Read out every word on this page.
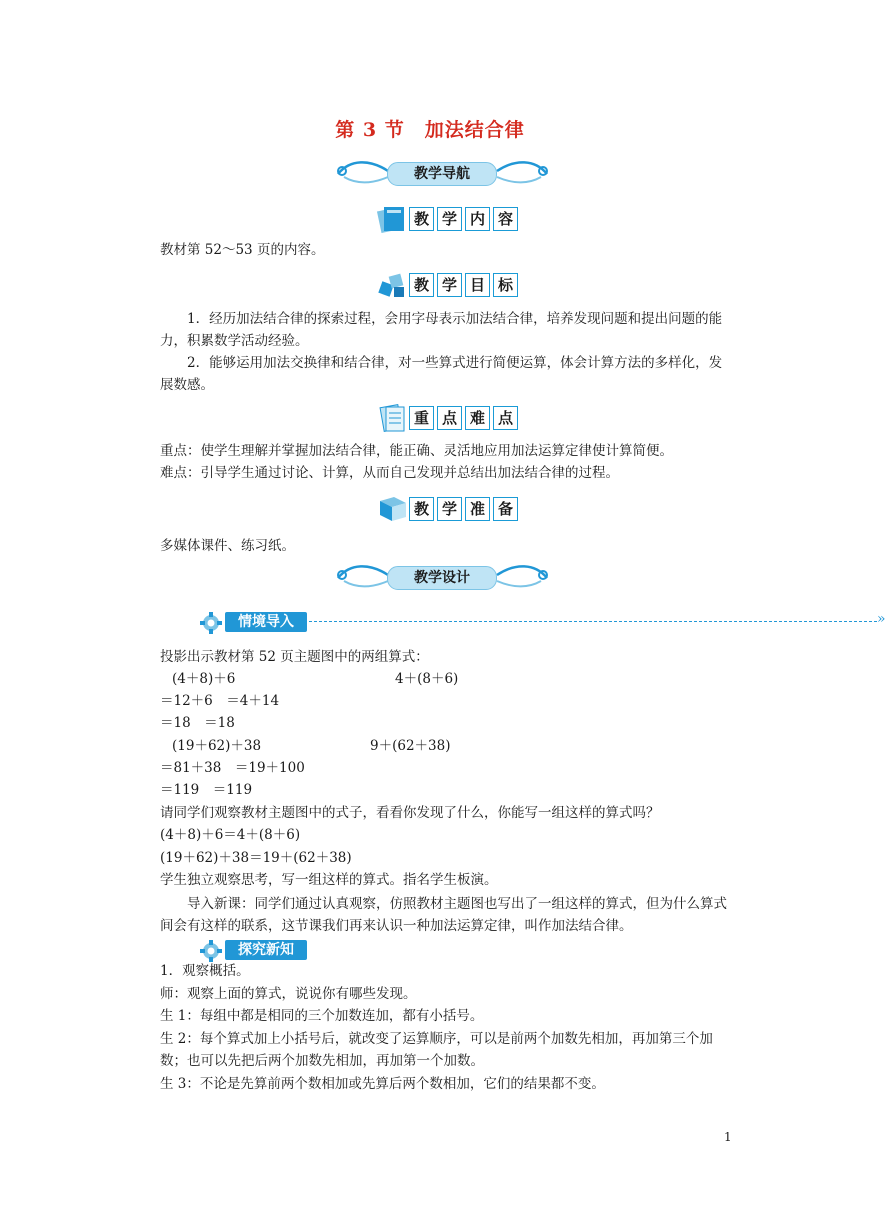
第 3 节　加法结合律
教学导航
教 学 内 容
教材第 52～53 页的内容。
教 学 目 标
1．经历加法结合律的探索过程，会用字母表示加法结合律，培养发现问题和提出问题的能力，积累数学活动经验。
2．能够运用加法交换律和结合律，对一些算式进行简便运算，体会计算方法的多样化，发展数感。
重 点 难 点
重点：使学生理解并掌握加法结合律，能正确、灵活地应用加法运算定律使计算简便。
难点：引导学生通过讨论、计算，从而自己发现并总结出加法结合律的过程。
教 学 准 备
多媒体课件、练习纸。
教学设计
情境导入	»
投影出示教材第 52 页主题图中的两组算式：
(4＋8)＋6	4＋(8＋6)
＝12＋6　＝4＋14
＝18　＝18
(19＋62)＋38	9＋(62＋38)
＝81＋38　＝19＋100
＝119　＝119
请同学们观察教材主题图中的式子，看看你发现了什么，你能写一组这样的算式吗？
(4＋8)＋6＝4＋(8＋6)
(19＋62)＋38＝19＋(62＋38)
学生独立观察思考，写一组这样的算式。指名学生板演。
导入新课：同学们通过认真观察，仿照教材主题图也写出了一组这样的算式，但为什么算式间会有这样的联系，这节课我们再来认识一种加法运算定律，叫作加法结合律。
探究新知
1．观察概括。
师：观察上面的算式，说说你有哪些发现。
生 1：每组中都是相同的三个加数连加，都有小括号。
生 2：每个算式加上小括号后，就改变了运算顺序，可以是前两个加数先相加，再加第三个加数；也可以先把后两个加数先相加，再加第一个加数。
生 3：不论是先算前两个数相加或先算后两个数相加，它们的结果都不变。
1
